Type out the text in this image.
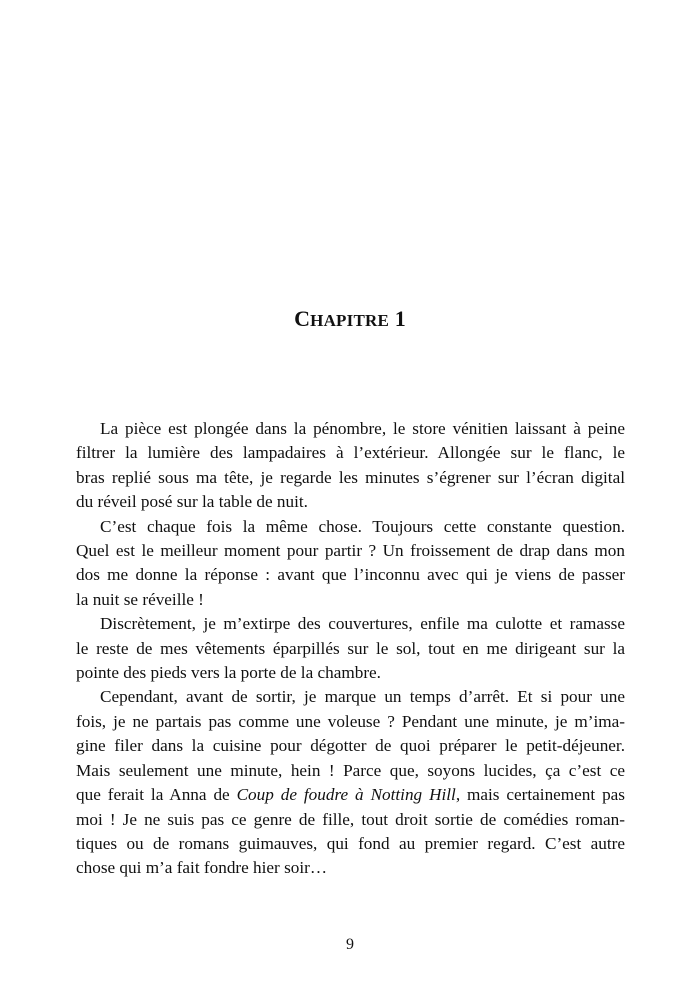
CHAPITRE 1
La pièce est plongée dans la pénombre, le store vénitien laissant à peine
filtrer la lumière des lampadaires à l’extérieur. Allongée sur le flanc, le
bras replié sous ma tête, je regarde les minutes s’égrener sur l’écran digital
du réveil posé sur la table de nuit.
C’est chaque fois la même chose. Toujours cette constante question.
Quel est le meilleur moment pour partir ? Un froissement de drap dans mon
dos me donne la réponse : avant que l’inconnu avec qui je viens de passer
la nuit se réveille !
Discrètement, je m’extirpe des couvertures, enfile ma culotte et ramasse
le reste de mes vêtements éparpillés sur le sol, tout en me dirigeant sur la
pointe des pieds vers la porte de la chambre.
Cependant, avant de sortir, je marque un temps d’arrêt. Et si pour une
fois, je ne partais pas comme une voleuse ? Pendant une minute, je m’ima-
gine filer dans la cuisine pour dégotter de quoi préparer le petit-déjeuner.
Mais seulement une minute, hein ! Parce que, soyons lucides, ça c’est ce
que ferait la Anna de Coup de foudre à Notting Hill, mais certainement pas
moi ! Je ne suis pas ce genre de fille, tout droit sortie de comédies roman-
tiques ou de romans guimauves, qui fond au premier regard. C’est autre
chose qui m’a fait fondre hier soir…
9
